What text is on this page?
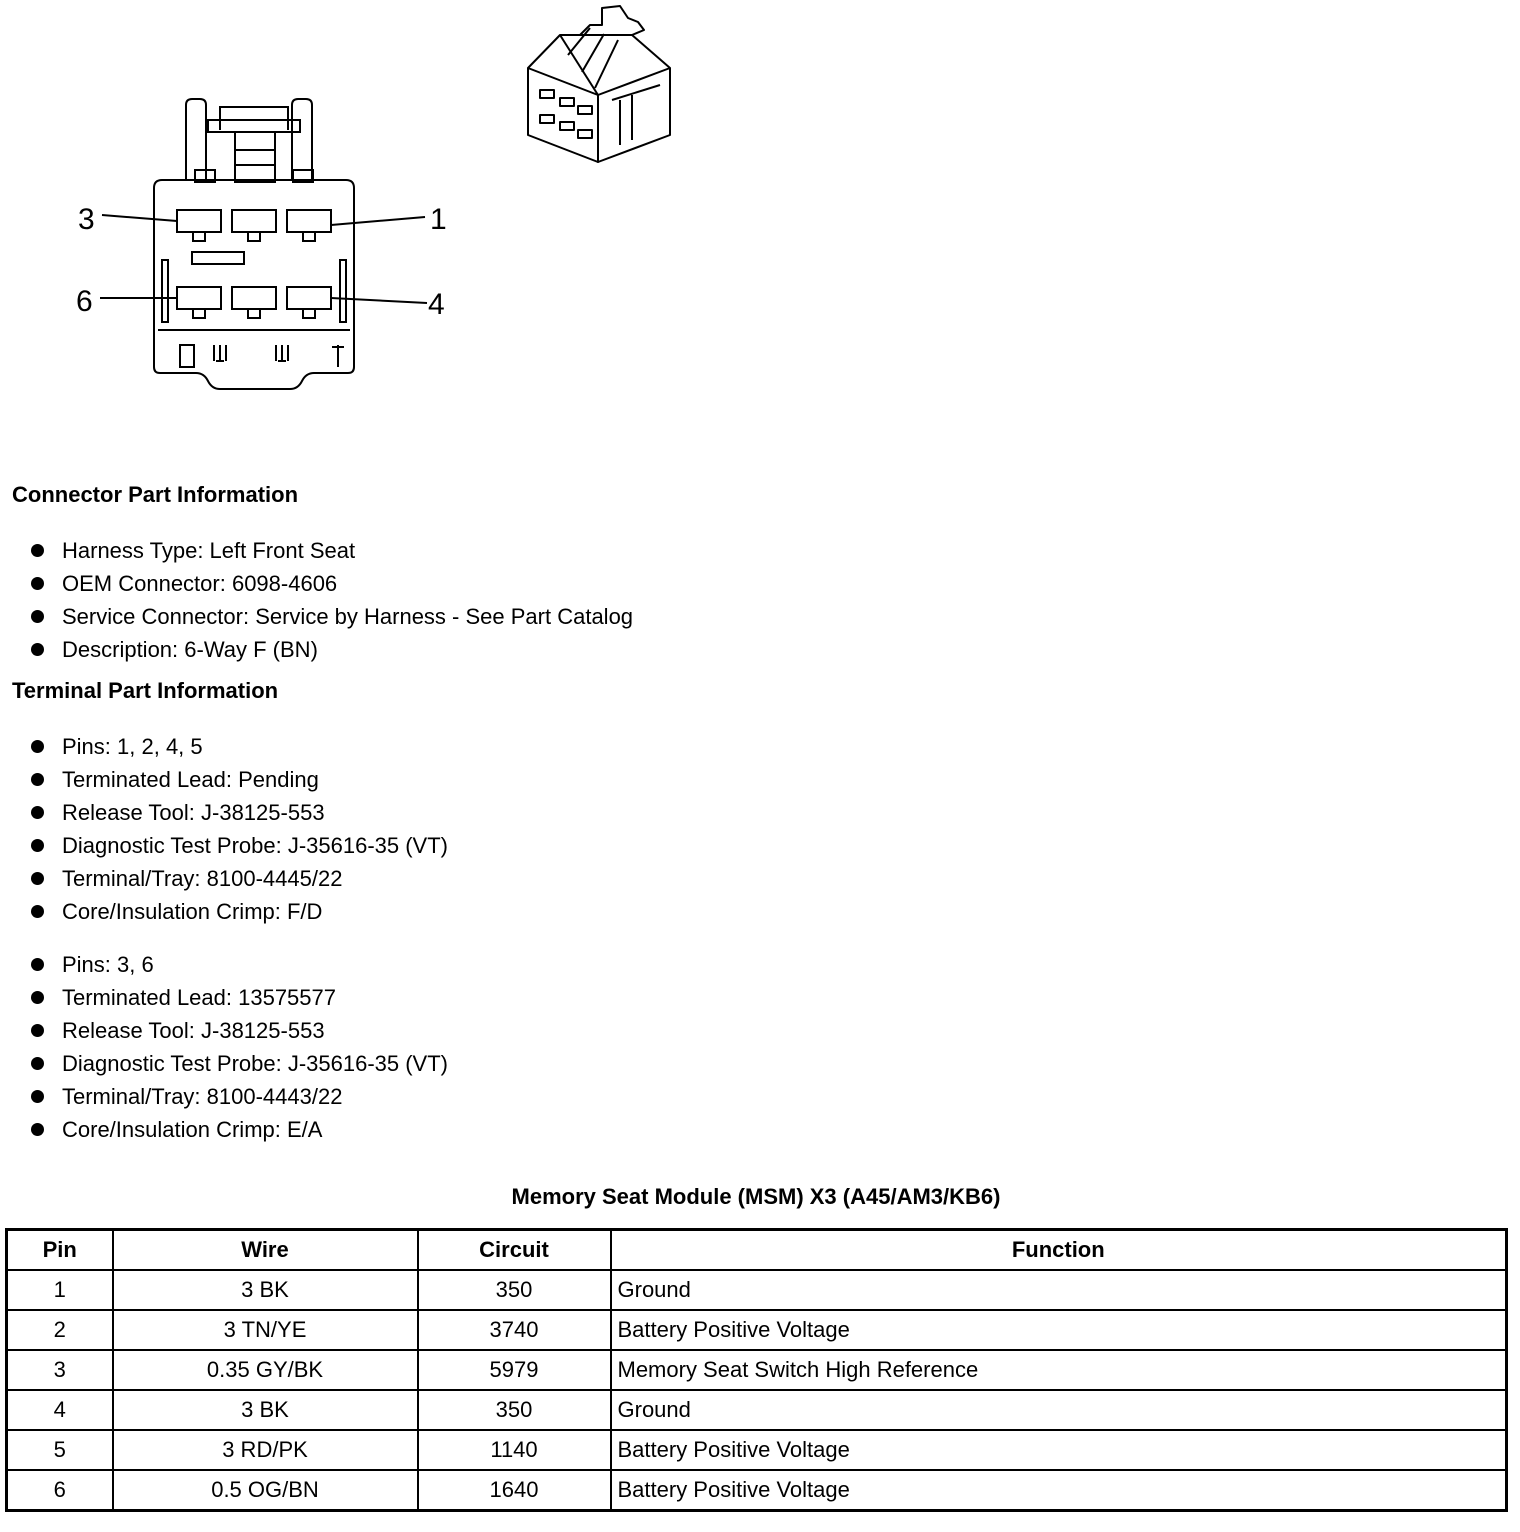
3	1
6	4
Connector Part Information
Harness Type: Left Front Seat
OEM Connector: 6098-4606
Service Connector: Service by Harness - See Part Catalog
Description: 6-Way F (BN)
Terminal Part Information
Pins: 1, 2, 4, 5
Terminated Lead: Pending
Release Tool: J-38125-553
Diagnostic Test Probe: J-35616-35 (VT)
Terminal/Tray: 8100-4445/22
Core/Insulation Crimp: F/D
Pins: 3, 6
Terminated Lead: 13575577
Release Tool: J-38125-553
Diagnostic Test Probe: J-35616-35 (VT)
Terminal/Tray: 8100-4443/22
Core/Insulation Crimp: E/A
Memory Seat Module (MSM) X3 (A45/AM3/KB6)
Pin	Wire	Circuit	Function
1	3 BK	350	Ground
2	3 TN/YE	3740	Battery Positive Voltage
3	0.35 GY/BK	5979	Memory Seat Switch High Reference
4	3 BK	350	Ground
5	3 RD/PK	1140	Battery Positive Voltage
6	0.5 OG/BN	1640	Battery Positive Voltage
